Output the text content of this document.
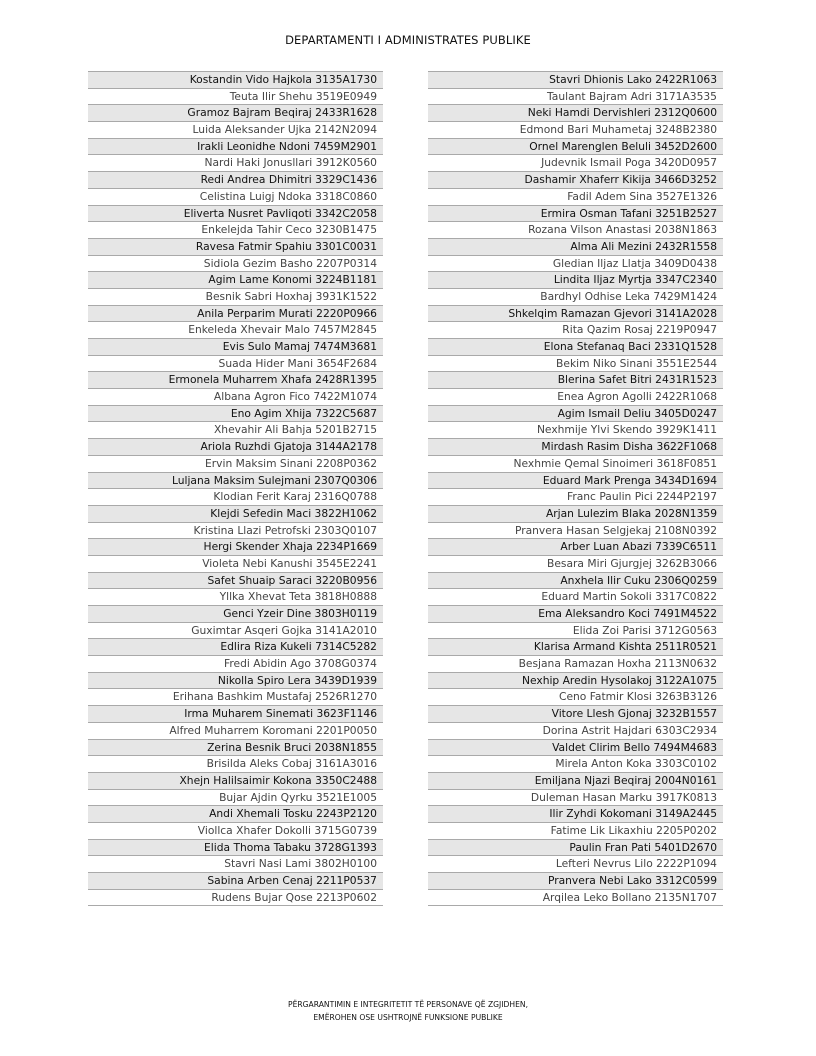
DEPARTAMENTI I ADMINISTRATES PUBLIKE
Kostandin Vido Hajkola 3135A1730
Teuta Ilir Shehu 3519E0949
Gramoz Bajram Beqiraj 2433R1628
Luida Aleksander Ujka 2142N2094
Irakli Leonidhe Ndoni 7459M2901
Nardi Haki Jonusllari 3912K0560
Redi Andrea Dhimitri 3329C1436
Celistina Luigj Ndoka 3318C0860
Eliverta Nusret Pavliqoti 3342C2058
Enkelejda Tahir Ceco 3230B1475
Ravesa Fatmir Spahiu 3301C0031
Sidiola Gezim Basho 2207P0314
Agim Lame Konomi 3224B1181
Besnik Sabri Hoxhaj 3931K1522
Anila Perparim Murati 2220P0966
Enkeleda Xhevair Malo 7457M2845
Evis Sulo Mamaj 7474M3681
Suada Hider Mani 3654F2684
Ermonela Muharrem Xhafa 2428R1395
Albana Agron Fico 7422M1074
Eno Agim Xhija 7322C5687
Xhevahir Ali Bahja 5201B2715
Ariola Ruzhdi Gjatoja 3144A2178
Ervin Maksim Sinani 2208P0362
Luljana Maksim Sulejmani 2307Q0306
Klodian Ferit Karaj 2316Q0788
Klejdi Sefedin Maci 3822H1062
Kristina Llazi Petrofski 2303Q0107
Hergi Skender Xhaja 2234P1669
Violeta Nebi Kanushi 3545E2241
Safet Shuaip Saraci 3220B0956
Yllka Xhevat Teta 3818H0888
Genci Yzeir Dine 3803H0119
Guximtar Asqeri Gojka 3141A2010
Edlira Riza Kukeli 7314C5282
Fredi Abidin Ago 3708G0374
Nikolla Spiro Lera 3439D1939
Erihana Bashkim Mustafaj 2526R1270
Irma Muharem Sinemati 3623F1146
Alfred Muharrem Koromani 2201P0050
Zerina Besnik Bruci 2038N1855
Brisilda Aleks Cobaj 3161A3016
Xhejn Halilsaimir Kokona 3350C2488
Bujar Ajdin Qyrku 3521E1005
Andi Xhemali Tosku 2243P2120
Viollca Xhafer Dokolli 3715G0739
Elida Thoma Tabaku 3728G1393
Stavri Nasi Lami 3802H0100
Sabina Arben Cenaj 2211P0537
Rudens Bujar Qose 2213P0602
Stavri Dhionis Lako 2422R1063
Taulant Bajram Adri 3171A3535
Neki Hamdi Dervishleri 2312Q0600
Edmond Bari Muhametaj 3248B2380
Ornel Marenglen Beluli 3452D2600
Judevnik Ismail Poga 3420D0957
Dashamir Xhaferr Kikija 3466D3252
Fadil Adem Sina 3527E1326
Ermira Osman Tafani 3251B2527
Rozana Vilson Anastasi 2038N1863
Alma Ali Mezini 2432R1558
Gledian Iljaz Llatja 3409D0438
Lindita Iljaz Myrtja 3347C2340
Bardhyl Odhise Leka 7429M1424
Shkelqim Ramazan Gjevori 3141A2028
Rita Qazim Rosaj 2219P0947
Elona Stefanaq Baci 2331Q1528
Bekim Niko Sinani 3551E2544
Blerina Safet Bitri 2431R1523
Enea Agron Agolli 2422R1068
Agim Ismail Deliu 3405D0247
Nexhmije Ylvi Skendo 3929K1411
Mirdash Rasim Disha 3622F1068
Nexhmie Qemal Sinoimeri 3618F0851
Eduard Mark Prenga 3434D1694
Franc Paulin Pici 2244P2197
Arjan Lulezim Blaka 2028N1359
Pranvera Hasan Selgjekaj 2108N0392
Arber Luan Abazi 7339C6511
Besara Miri Gjurgjej 3262B3066
Anxhela Ilir Cuku 2306Q0259
Eduard Martin Sokoli 3317C0822
Ema Aleksandro Koci 7491M4522
Elida Zoi Parisi 3712G0563
Klarisa Armand Kishta 2511R0521
Besjana Ramazan Hoxha 2113N0632
Nexhip Aredin Hysolakoj 3122A1075
Ceno Fatmir Klosi 3263B3126
Vitore Llesh Gjonaj 3232B1557
Dorina Astrit Hajdari 6303C2934
Valdet Clirim Bello 7494M4683
Mirela Anton Koka 3303C0102
Emiljana Njazi Beqiraj 2004N0161
Duleman Hasan Marku 3917K0813
Ilir Zyhdi Kokomani 3149A2445
Fatime Lik Likaxhiu 2205P0202
Paulin Fran Pati 5401D2670
Lefteri Nevrus Lilo 2222P1094
Pranvera Nebi Lako 3312C0599
Arqilea Leko Bollano 2135N1707
PËRGARANTIMIN E INTEGRITETIT TË PERSONAVE QË ZGJIDHEN,
EMËROHEN OSE USHTROJNË FUNKSIONE PUBLIKE
